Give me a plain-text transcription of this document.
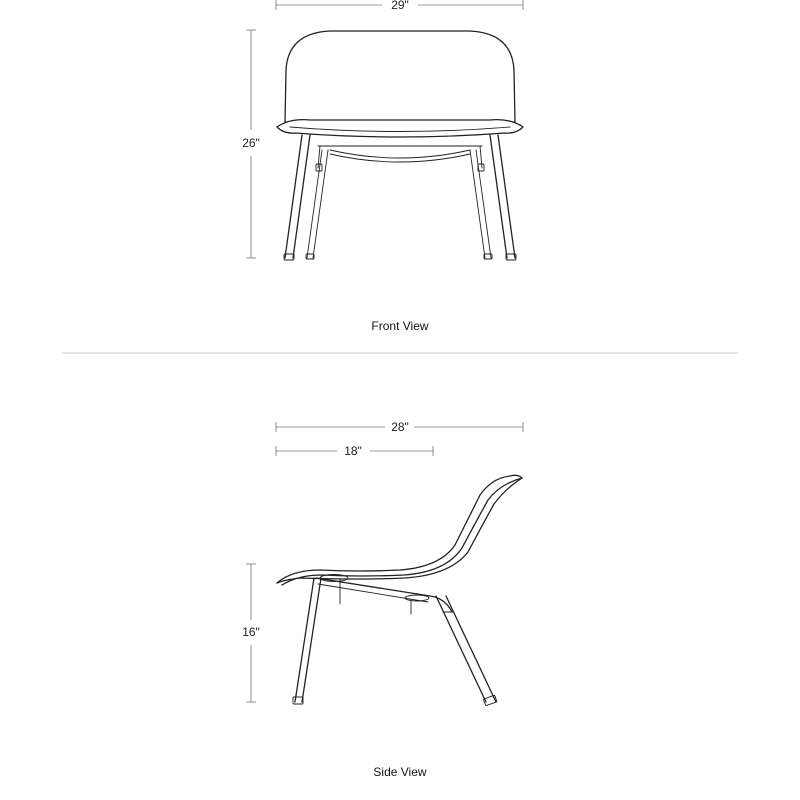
29"
26"
Front View
28"
18"
16"
Side View
